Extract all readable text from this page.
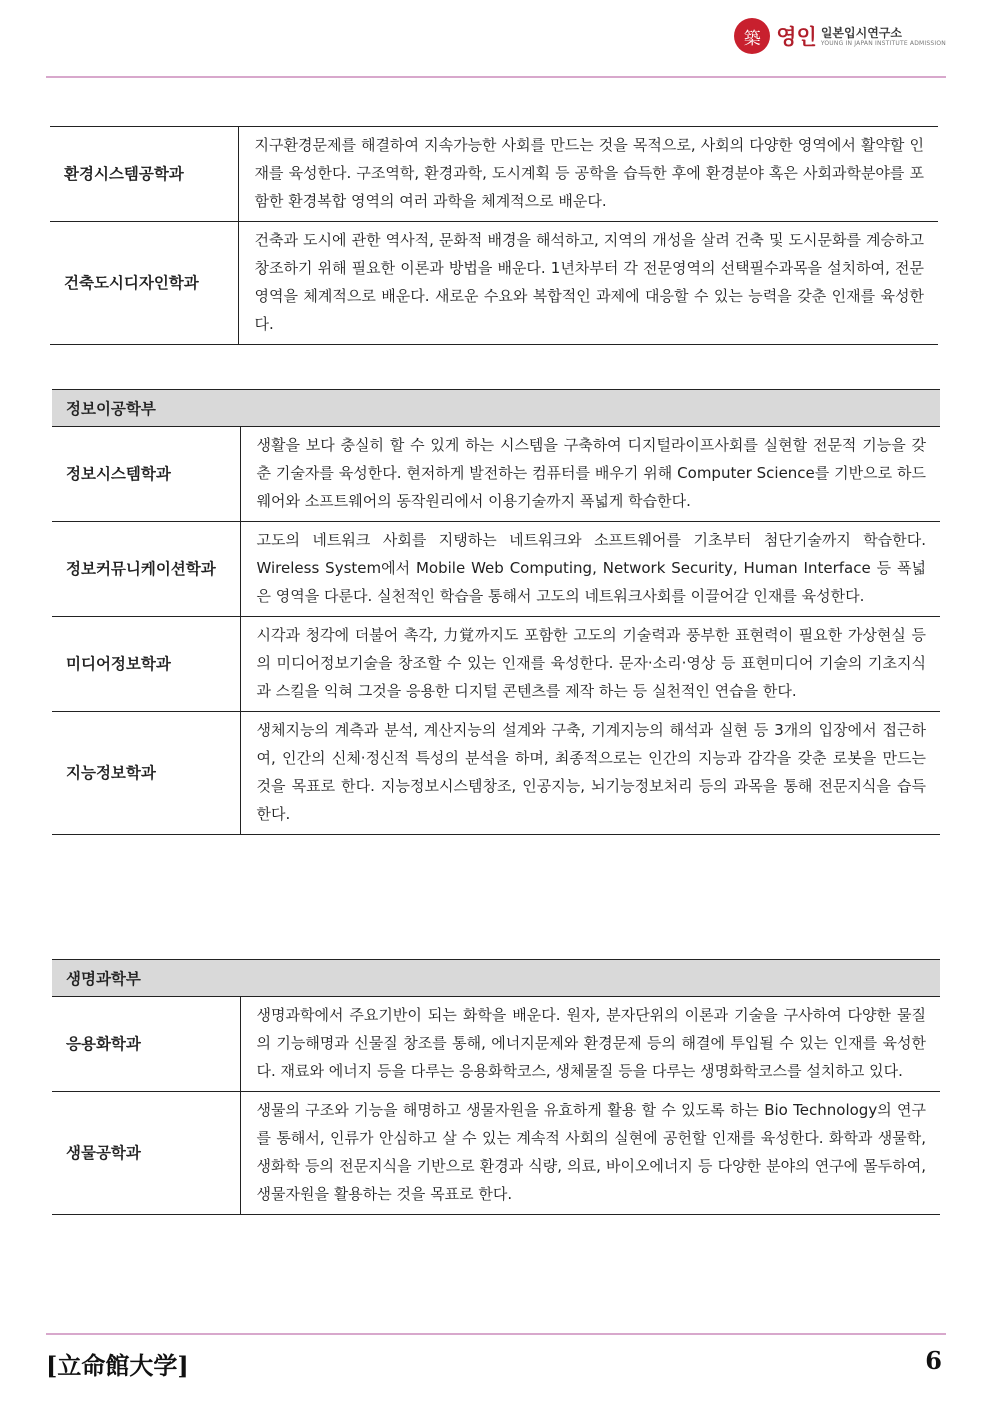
築 영인 일본입시연구소
YOUNG IN JAPAN INSTITUTE ADMISSION
환경시스템공학과	지구환경문제를 해결하여 지속가능한 사회를 만드는 것을 목적으로, 사회의 다양한 영역에서 활약할 인재를 육성한다. 구조역학, 환경과학, 도시계획 등 공학을 습득한 후에 환경분야 혹은 사회과학분야를 포함한 환경복합 영역의 여러 과학을 체계적으로 배운다.
건축도시디자인학과	건축과 도시에 관한 역사적, 문화적 배경을 해석하고, 지역의 개성을 살려 건축 및 도시문화를 계승하고 창조하기 위해 필요한 이론과 방법을 배운다. 1년차부터 각 전문영역의 선택필수과목을 설치하여, 전문영역을 체계적으로 배운다. 새로운 수요와 복합적인 과제에 대응할 수 있는 능력을 갖춘 인재를 육성한다.
정보이공학부	
정보시스템학과	생활을 보다 충실히 할 수 있게 하는 시스템을 구축하여 디지털라이프사회를 실현할 전문적 기능을 갖춘 기술자를 육성한다. 현저하게 발전하는 컴퓨터를 배우기 위해 Computer Science를 기반으로 하드웨어와 소프트웨어의 동작원리에서 이용기술까지 폭넓게 학습한다.
정보커뮤니케이션학과	고도의 네트워크 사회를 지탱하는 네트워크와 소프트웨어를 기초부터 첨단기술까지 학습한다. Wireless System에서 Mobile Web Computing, Network Security, Human Interface 등 폭넓은 영역을 다룬다. 실천적인 학습을 통해서 고도의 네트워크사회를 이끌어갈 인재를 육성한다.
미디어정보학과	시각과 청각에 더불어 촉각, 力覚까지도 포함한 고도의 기술력과 풍부한 표현력이 필요한 가상현실 등의 미디어정보기술을 창조할 수 있는 인재를 육성한다. 문자·소리·영상 등 표현미디어 기술의 기초지식과 스킬을 익혀 그것을 응용한 디지털 콘텐츠를 제작 하는 등 실천적인 연습을 한다.
지능정보학과	생체지능의 계측과 분석, 계산지능의 설계와 구축, 기계지능의 해석과 실현 등 3개의 입장에서 접근하여, 인간의 신체·정신적 특성의 분석을 하며, 최종적으로는 인간의 지능과 감각을 갖춘 로봇을 만드는 것을 목표로 한다. 지능정보시스템창조, 인공지능, 뇌기능정보처리 등의 과목을 통해 전문지식을 습득한다.
생명과학부	
응용화학과	생명과학에서 주요기반이 되는 화학을 배운다. 원자, 분자단위의 이론과 기술을 구사하여 다양한 물질의 기능해명과 신물질 창조를 통해, 에너지문제와 환경문제 등의 해결에 투입될 수 있는 인재를 육성한다. 재료와 에너지 등을 다루는 응용화학코스, 생체물질 등을 다루는 생명화학코스를 설치하고 있다.
생물공학과	생물의 구조와 기능을 해명하고 생물자원을 유효하게 활용 할 수 있도록 하는 Bio Technology의 연구를 통해서, 인류가 안심하고 살 수 있는 계속적 사회의 실현에 공헌할 인재를 육성한다. 화학과 생물학, 생화학 등의 전문지식을 기반으로 환경과 식량, 의료, 바이오에너지 등 다양한 분야의 연구에 몰두하여, 생물자원을 활용하는 것을 목표로 한다.
[立命館大学]	6
